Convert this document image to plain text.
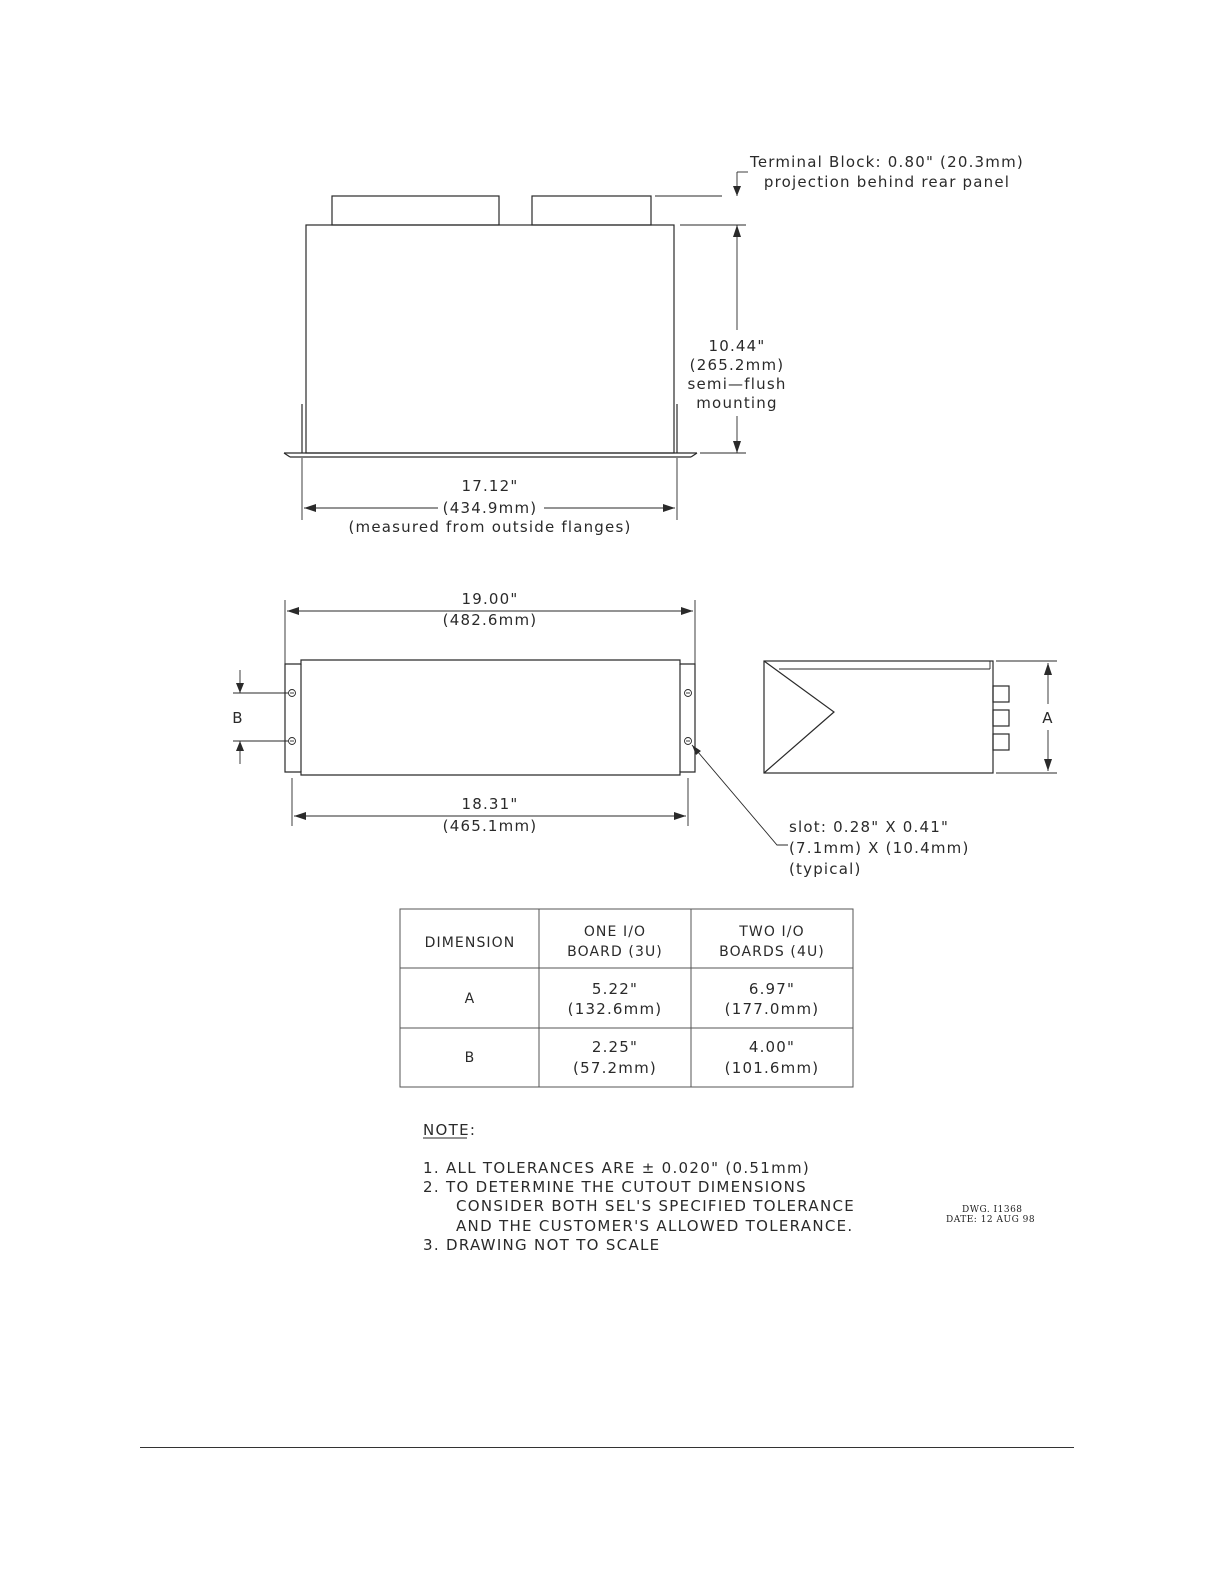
Terminal Block: 0.80" (20.3mm)
projection behind rear panel
10.44"
(265.2mm)
semi—flush
mounting
17.12"
(434.9mm)
(measured from outside flanges)
19.00"
(482.6mm)
B
18.31"
(465.1mm)	slot: 0.28" X 0.41"
(7.1mm) X (10.4mm)
(typical)
A
DIMENSION
ONE I/O
BOARD (3U)
TWO I/O
BOARDS (4U)
A
5.22"
(132.6mm)
6.97"
(177.0mm)
B
2.25"
(57.2mm)
4.00"
(101.6mm)
NOTE:
1. ALL TOLERANCES ARE ± 0.020" (0.51mm)
2. TO DETERMINE THE CUTOUT DIMENSIONS
CONSIDER BOTH SEL'S SPECIFIED TOLERANCE
AND THE CUSTOMER'S ALLOWED TOLERANCE.
3. DRAWING NOT TO SCALE
DWG. I1368
DATE: 12 AUG 98
